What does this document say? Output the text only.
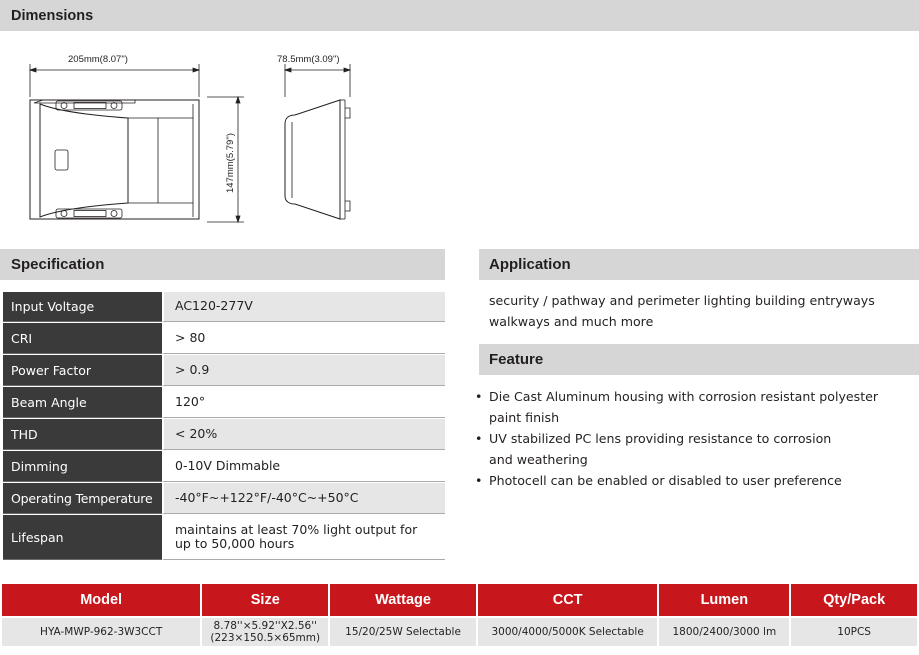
Dimensions
Specification	Application
Feature
205mm(8.07")	78.5mm(3.09")
147mm(5.79")
Input Voltage	AC120-277V
CRI	> 80
Power Factor	> 0.9
Beam Angle	120°
THD	< 20%
Dimming	0-10V Dimmable
Operating Temperature	-40°F~+122°F/-40°C~+50°C
Lifespan
maintains at least 70% light output for up to 50,000 hours
security / pathway and perimeter lighting building entryways walkways and much more
• Die Cast Aluminum housing with corrosion resistant polyester paint finish
• UV stabilized PC lens providing resistance to corrosion and weathering
• Photocell can be enabled or disabled to user preference
Model	Size	Wattage	CCT	Lumen	Qty/Pack
HYA-MWP-962-3W3CCT	8.78''×5.92''X2.56''
(223×150.5×65mm)	15/20/25W Selectable	3000/4000/5000K Selectable	1800/2400/3000 lm	10PCS
